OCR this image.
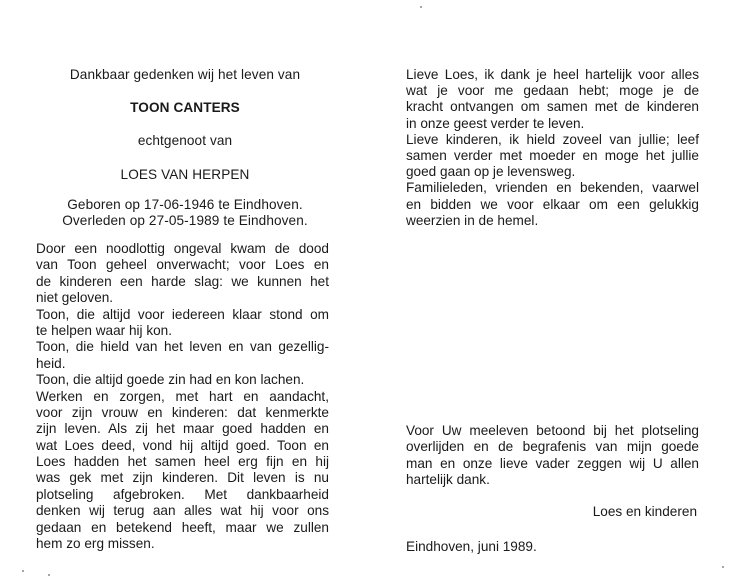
Dankbaar gedenken wij het leven van
TOON CANTERS
echtgenoot van
LOES VAN HERPEN
Geboren op 17-06-1946 te Eindhoven.
Overleden op 27-05-1989 te Eindhoven.
Door een noodlottig ongeval kwam de dood
van Toon geheel onverwacht; voor Loes en
de kinderen een harde slag: we kunnen het
niet geloven.
Toon, die altijd voor iedereen klaar stond om
te helpen waar hij kon.
Toon, die hield van het leven en van gezellig-
heid.
Toon, die altijd goede zin had en kon lachen.
Werken en zorgen, met hart en aandacht,
voor zijn vrouw en kinderen: dat kenmerkte
zijn leven. Als zij het maar goed hadden en
wat Loes deed, vond hij altijd goed. Toon en
Loes hadden het samen heel erg fijn en hij
was gek met zijn kinderen. Dit leven is nu
plotseling afgebroken. Met dankbaarheid
denken wij terug aan alles wat hij voor ons
gedaan en betekend heeft, maar we zullen
hem zo erg missen.
Lieve Loes, ik dank je heel hartelijk voor alles
wat je voor me gedaan hebt; moge je de
kracht ontvangen om samen met de kinderen
in onze geest verder te leven.
Lieve kinderen, ik hield zoveel van jullie; leef
samen verder met moeder en moge het jullie
goed gaan op je levensweg.
Familieleden, vrienden en bekenden, vaarwel
en bidden we voor elkaar om een gelukkig
weerzien in de hemel.
Voor Uw meeleven betoond bij het plotseling
overlijden en de begrafenis van mijn goede
man en onze lieve vader zeggen wij U allen
hartelijk dank.
Loes en kinderen
Eindhoven, juni 1989.
